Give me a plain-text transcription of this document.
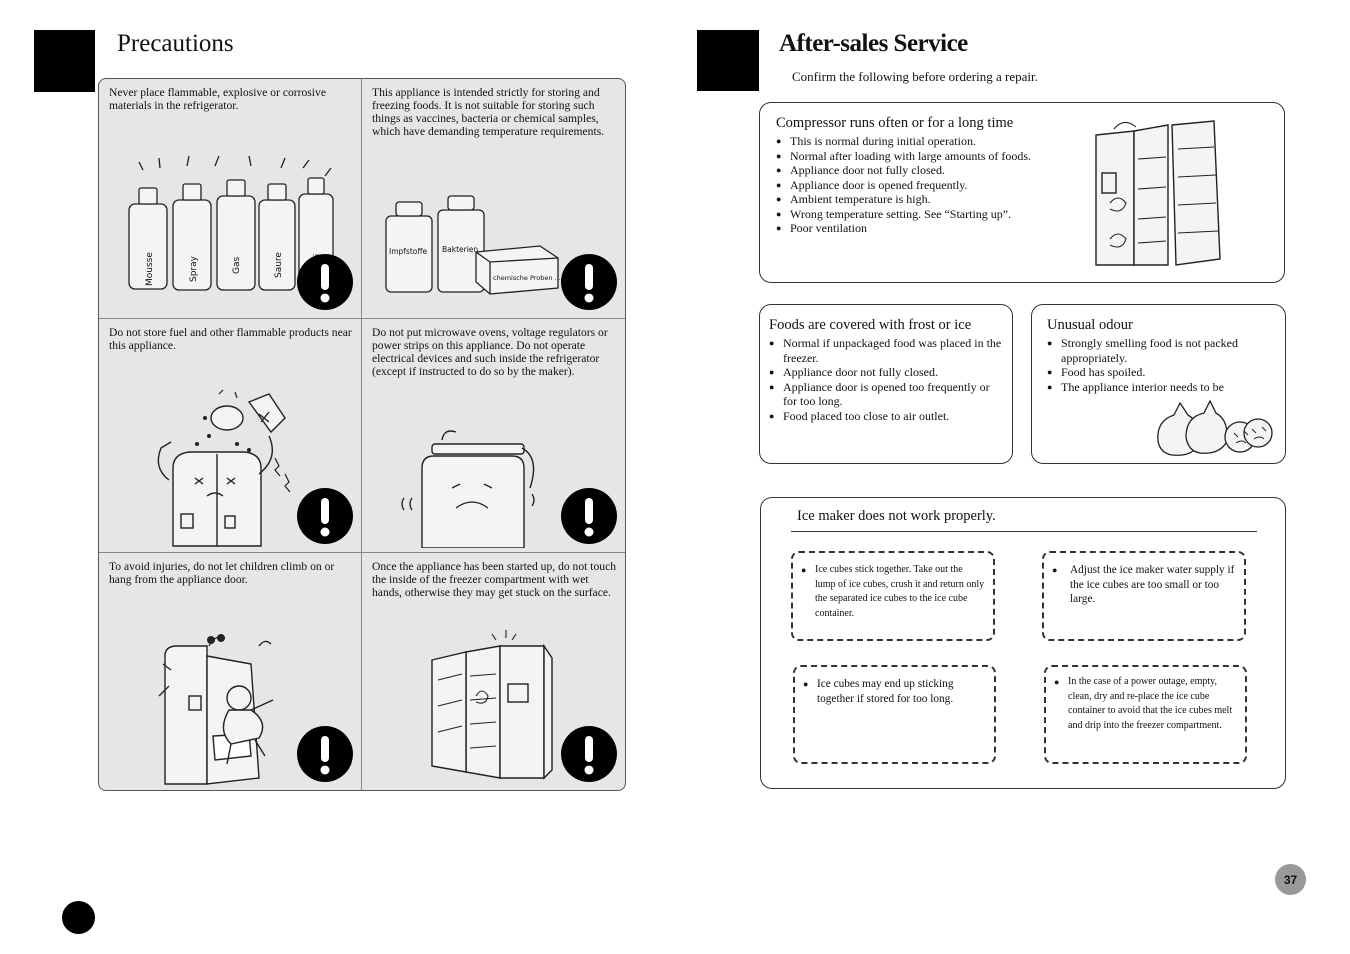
Precautions
Never place flammable, explosive or corrosive materials in the refrigerator.
Mousse	Spray	Gas	Saure
This appliance is intended strictly for storing and freezing foods. It is not suitable for storing such things as vaccines, bacteria or chemical samples, which have demanding temperature requirements.
Impfstoffe Bakterien
chemische Proben ...
Do not store fuel and other flammable products near this appliance.
Do not put microwave ovens, voltage regulators or power strips on this appliance. Do not operate electrical devices and such inside the refrigerator (except if instructed to do so by the maker).
To avoid injuries, do not let children climb on or hang from the appliance door.
Once the appliance has been started up, do not touch the inside of the freezer compartment with wet hands, otherwise they may get stuck on the surface.
After-sales Service
Confirm the following before ordering a repair.
Compressor runs often or for a long time
● This is normal during initial operation.
● Normal after loading with large amounts of foods.
● Appliance door not fully closed.
● Appliance door is opened frequently.
● Ambient temperature is high.
● Wrong temperature setting. See “Starting up”.
● Poor ventilation
Foods are covered with frost or ice
● Normal if unpackaged food was placed in the freezer.
● Appliance door not fully closed.
● Appliance door is opened too frequently or for too long.
● Food placed too close to air outlet.
Unusual odour
● Strongly smelling food is not packed appropriately.
● Food has spoiled.
● The appliance interior needs to be
Ice maker does not work properly.
● Ice cubes stick together. Take out the lump of ice cubes, crush it and return only the separated ice cubes to the ice cube container.
● Adjust the ice maker water supply if the ice cubes are too small or too large.
● Ice cubes may end up sticking together if stored for too long.
● In the case of a power outage, empty, clean, dry and re-place the ice cube container to avoid that the ice cubes melt and drip into the freezer compartment.
37
